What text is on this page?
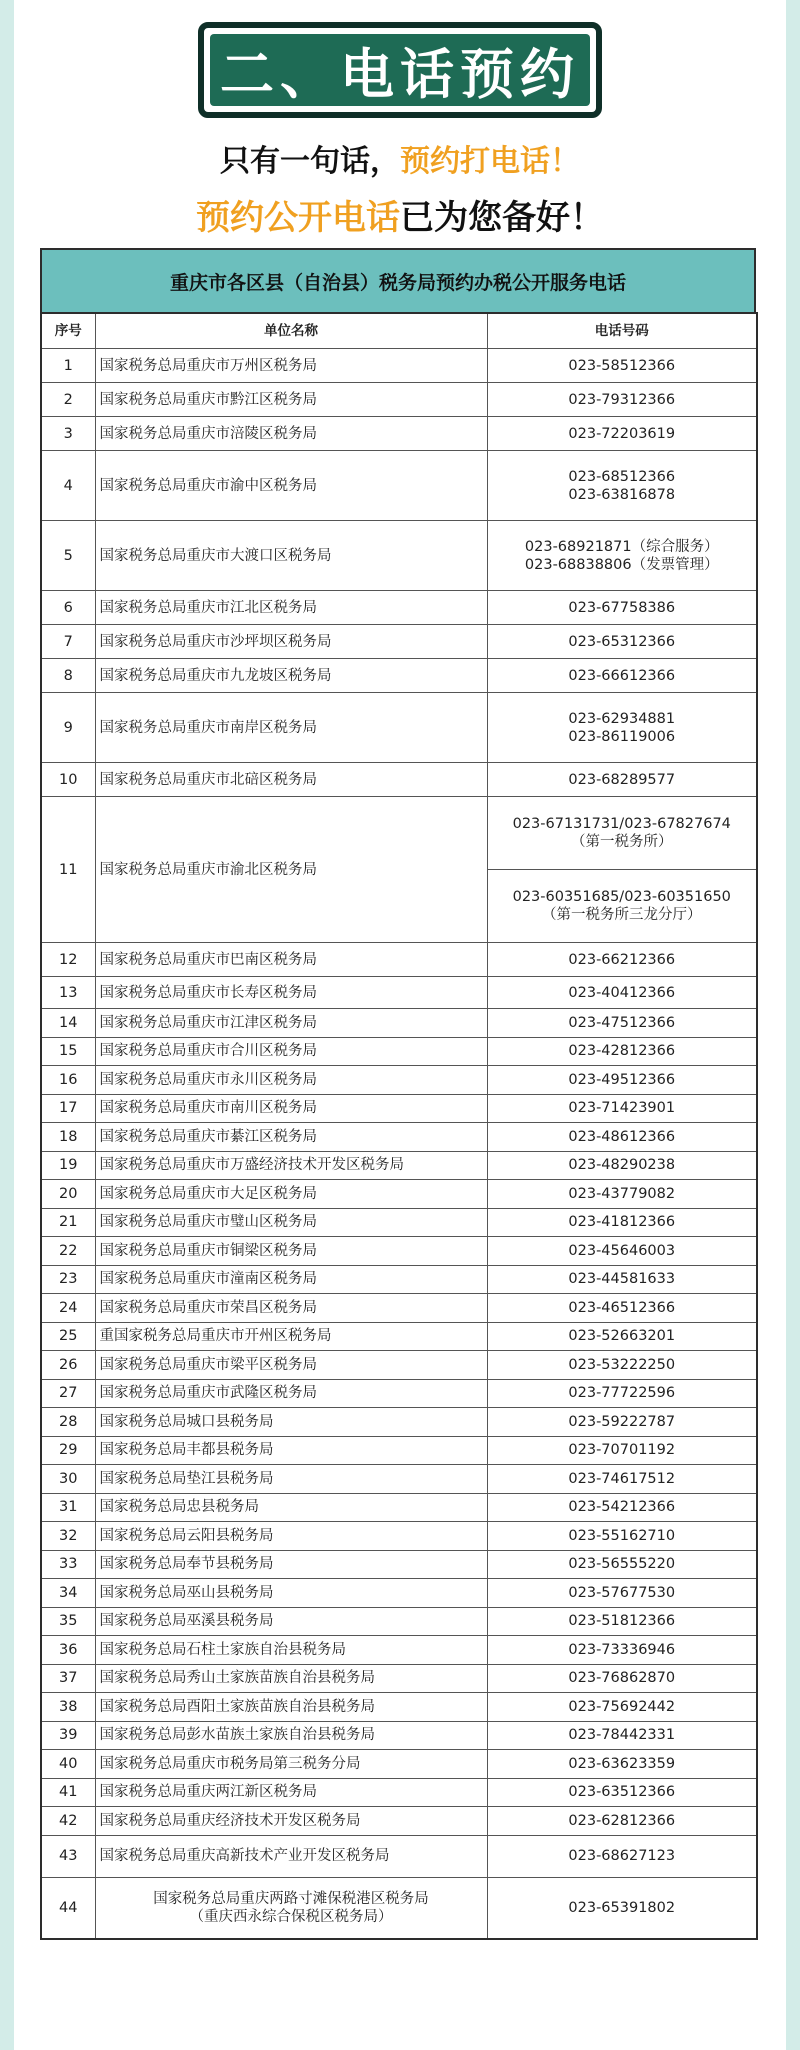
二、电话预约
只有一句话，预约打电话！
预约公开电话已为您备好！
重庆市各区县（自治县）税务局预约办税公开服务电话
序号	单位名称	电话号码
1	国家税务总局重庆市万州区税务局	023-58512366

2	国家税务总局重庆市黔江区税务局	023-79312366

3	国家税务总局重庆市涪陵区税务局	023-72203619

4	国家税务总局重庆市渝中区税务局	023-68512366
023-63816878

5	国家税务总局重庆市大渡口区税务局	023-68921871（综合服务）
023-68838806（发票管理）

6	国家税务总局重庆市江北区税务局	023-67758386

7	国家税务总局重庆市沙坪坝区税务局	023-65312366

8	国家税务总局重庆市九龙坡区税务局	023-66612366

9	国家税务总局重庆市南岸区税务局	023-62934881
023-86119006

10	国家税务总局重庆市北碚区税务局	023-68289577

11	国家税务总局重庆市渝北区税务局	023-67131731/023-67827674
（第一税务所）

		023-60351685/023-60351650
（第一税务所三龙分厅）

12	国家税务总局重庆市巴南区税务局	023-66212366

13	国家税务总局重庆市长寿区税务局	023-40412366

14	国家税务总局重庆市江津区税务局	023-47512366

15	国家税务总局重庆市合川区税务局	023-42812366

16	国家税务总局重庆市永川区税务局	023-49512366

17	国家税务总局重庆市南川区税务局	023-71423901

18	国家税务总局重庆市綦江区税务局	023-48612366

19	国家税务总局重庆市万盛经济技术开发区税务局	023-48290238

20	国家税务总局重庆市大足区税务局	023-43779082

21	国家税务总局重庆市璧山区税务局	023-41812366

22	国家税务总局重庆市铜梁区税务局	023-45646003

23	国家税务总局重庆市潼南区税务局	023-44581633

24	国家税务总局重庆市荣昌区税务局	023-46512366

25	重国家税务总局重庆市开州区税务局	023-52663201

26	国家税务总局重庆市梁平区税务局	023-53222250

27	国家税务总局重庆市武隆区税务局	023-77722596

28	国家税务总局城口县税务局	023-59222787

29	国家税务总局丰都县税务局	023-70701192

30	国家税务总局垫江县税务局	023-74617512

31	国家税务总局忠县税务局	023-54212366

32	国家税务总局云阳县税务局	023-55162710

33	国家税务总局奉节县税务局	023-56555220

34	国家税务总局巫山县税务局	023-57677530

35	国家税务总局巫溪县税务局	023-51812366

36	国家税务总局石柱土家族自治县税务局	023-73336946

37	国家税务总局秀山土家族苗族自治县税务局	023-76862870

38	国家税务总局酉阳土家族苗族自治县税务局	023-75692442

39	国家税务总局彭水苗族土家族自治县税务局	023-78442331

40	国家税务总局重庆市税务局第三税务分局	023-63623359

41	国家税务总局重庆两江新区税务局	023-63512366

42	国家税务总局重庆经济技术开发区税务局	023-62812366

43	国家税务总局重庆高新技术产业开发区税务局	023-68627123

44	国家税务总局重庆两路寸滩保税港区税务局
（重庆西永综合保税区税务局）	023-65391802
